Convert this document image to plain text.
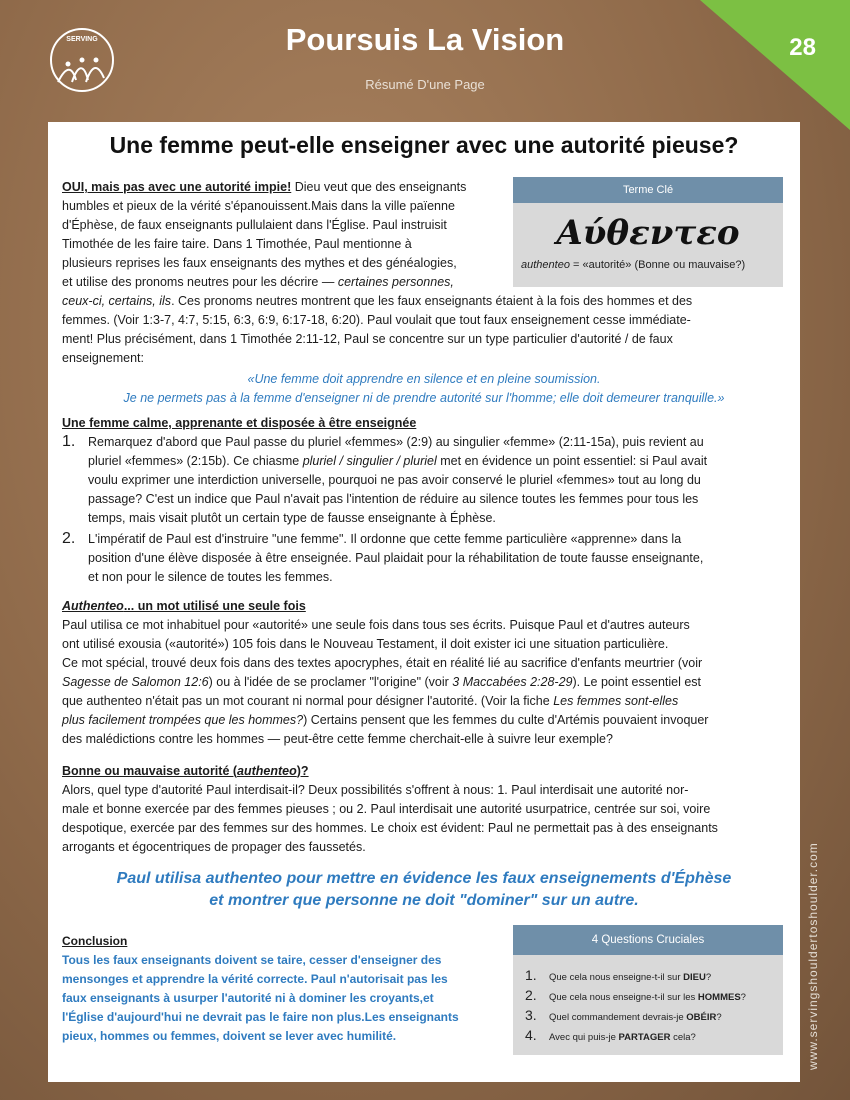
28
SERVING	Poursuis La Vision
Résumé D'une Page
Une femme peut-elle enseigner avec une autorité pieuse?

OUI, mais pas avec une autorité impie! Dieu veut que des enseignants

humbles et pieux de la vérité s'épanouissent.Mais dans la ville païenne

d'Éphèse, de faux enseignants pullulaient dans l'Église. Paul instruisit

Timothée de les faire taire. Dans 1 Timothée, Paul mentionne à

plusieurs reprises les faux enseignants des mythes et des généalogies,

et utilise des pronoms neutres pour les décrire — certaines personnes,

ceux-ci, certains, ils. Ces pronoms neutres montrent que les faux enseignants étaient à la fois des hommes et des

femmes. (Voir 1:3-7, 4:7, 5:15, 6:3, 6:9, 6:17-18, 6:20). Paul voulait que tout faux enseignement cesse immédiate-

ment! Plus précisément, dans 1 Timothée 2:11-12, Paul se concentre sur un type particulier d'autorité / de faux

enseignement:

Terme Clé
Αύθεντεο
authenteo = «autorité» (Bonne ou mauvaise?)
«Une femme doit apprendre en silence et en pleine soumission.
Je ne permets pas à la femme d'enseigner ni de prendre autorité sur l'homme; elle doit demeurer tranquille.»

Une femme calme, apprenante et disposée à être enseignée

1. Remarquez d'abord que Paul passe du pluriel «femmes» (2:9) au singulier «femme» (2:11-15a), puis revient au
pluriel «femmes» (2:15b). Ce chiasme pluriel / singulier / pluriel met en évidence un point essentiel: si Paul avait
voulu exprimer une interdiction universelle, pourquoi ne pas avoir conservé le pluriel «femmes» tout au long du
passage? C'est un indice que Paul n'avait pas l'intention de réduire au silence toutes les femmes pour tous les
temps, mais visait plutôt un certain type de fausse enseignante à Éphèse.
2. L'impératif de Paul est d'instruire "une femme". Il ordonne que cette femme particulière «apprenne» dans la
position d'une élève disposée à être enseignée. Paul plaidait pour la réhabilitation de toute fausse enseignante,
et non pour le silence de toutes les femmes.

Authenteo... un mot utilisé une seule fois

Paul utilisa ce mot inhabituel pour «autorité» une seule fois dans tous ses écrits. Puisque Paul et d'autres auteurs

ont utilisé exousia («autorité») 105 fois dans le Nouveau Testament, il doit exister ici une situation particulière.

Ce mot spécial, trouvé deux fois dans des textes apocryphes, était en réalité lié au sacrifice d'enfants meurtrier (voir

Sagesse de Salomon 12:6) ou à l'idée de se proclamer "l'origine" (voir 3 Maccabées 2:28-29). Le point essentiel est

que authenteo n'était pas un mot courant ni normal pour désigner l'autorité. (Voir la fiche Les femmes sont-elles

plus facilement trompées que les hommes?) Certains pensent que les femmes du culte d'Artémis pouvaient invoquer

des malédictions contre les hommes — peut-être cette femme cherchait-elle à suivre leur exemple?

Bonne ou mauvaise autorité (authenteo)?

Alors, quel type d'autorité Paul interdisait-il? Deux possibilités s'offrent à nous: 1. Paul interdisait une autorité nor-

male et bonne exercée par des femmes pieuses ; ou 2. Paul interdisait une autorité usurpatrice, centrée sur soi, voire

despotique, exercée par des femmes sur des hommes. Le choix est évident: Paul ne permettait pas à des enseignants

arrogants et égocentriques de propager des faussetés.

Paul utilisa authenteo pour mettre en évidence les faux enseignements d'Éphèse
et montrer que personne ne doit "dominer" sur un autre.

Conclusion

Tous les faux enseignants doivent se taire, cesser d'enseigner des
mensonges et apprendre la vérité correcte. Paul n'autorisait pas les
faux enseignants à usurper l'autorité ni à dominer les croyants,et
l'Église d'aujourd'hui ne devrait pas le faire non plus.Les enseignants
pieux, hommes ou femmes, doivent se lever avec humilité.
4 Questions Cruciales
1. Que cela nous enseigne-t-il sur DIEU?
2. Que cela nous enseigne-t-il sur les HOMMES?
3. Quel commandement devrais-je OBÉIR?
4. Avec qui puis-je PARTAGER cela?	www.servingshouldertoshoulder.com
